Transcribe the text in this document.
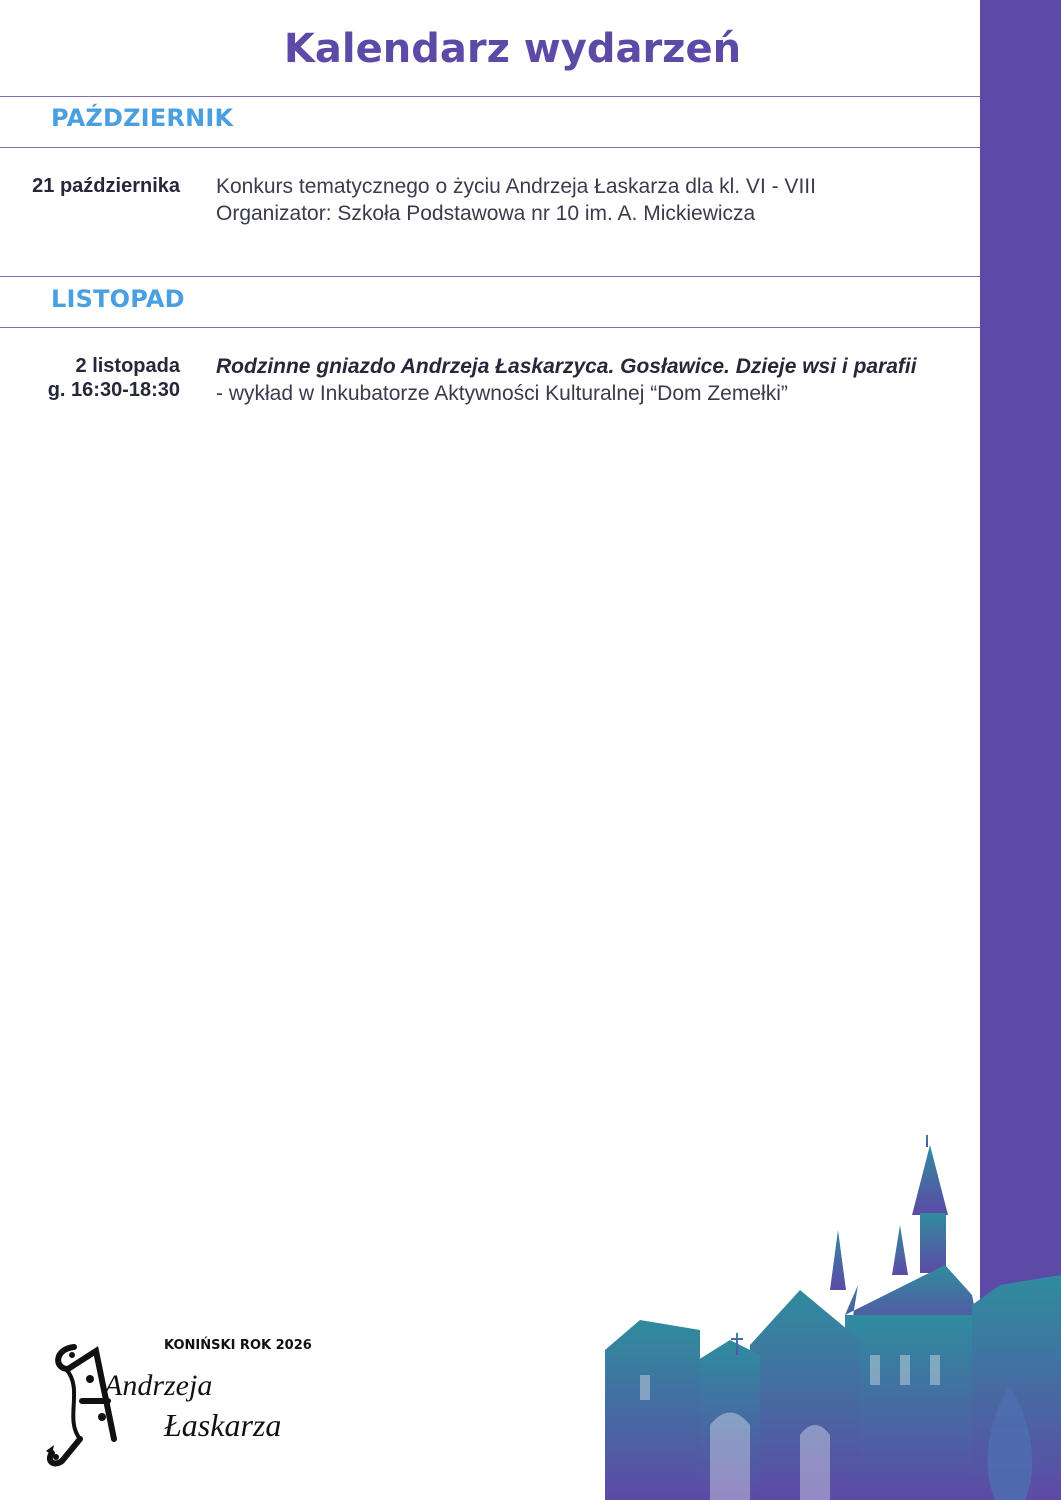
Kalendarz wydarzeń
PAŹDZIERNIK
21 października Konkurs tematycznego o życiu Andrzeja Łaskarza dla kl. VI - VIII
Organizator: Szkoła Podstawowa nr 10 im. A. Mickiewicza
LISTOPAD
2 listopada
g. 16:30-18:30
Rodzinne gniazdo Andrzeja Łaskarzyca. Gosławice. Dzieje wsi i parafii
- wykład w Inkubatorze Aktywności Kulturalnej “Dom Zemełki”
KONIŃSKI ROK 2026
Andrzeja
Łaskarza
